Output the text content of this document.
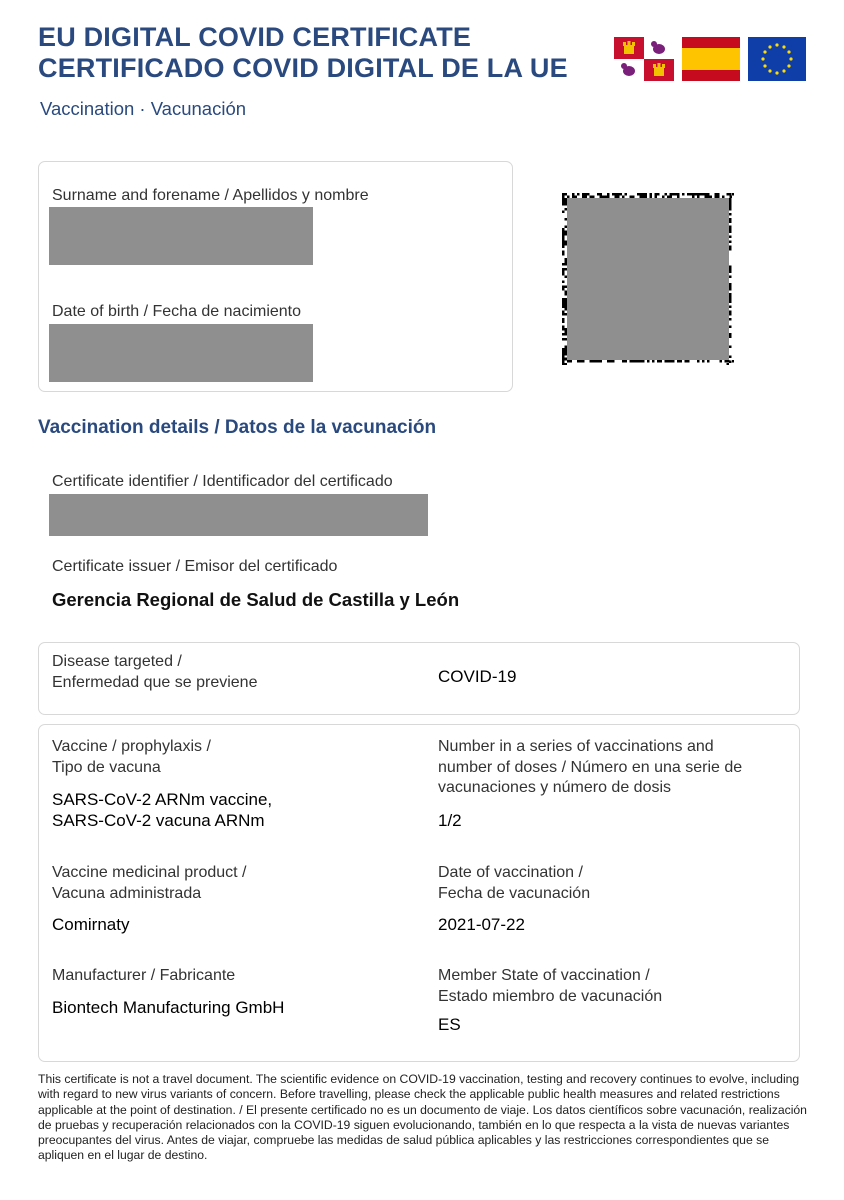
EU DIGITAL COVID CERTIFICATE
CERTIFICADO COVID DIGITAL DE LA UE
Vaccination · Vacunación
Surname and forename / Apellidos y nombre
Date of birth / Fecha de nacimiento
Vaccination details / Datos de la vacunación
Certificate identifier / Identificador del certificado
Certificate issuer / Emisor del certificado
Gerencia Regional de Salud de Castilla y León
Disease targeted /
Enfermedad que se previene	COVID-19
Vaccine / prophylaxis /
Tipo de vacuna
SARS-CoV-2 ARNm vaccine,
SARS-CoV-2 vacuna ARNm
Number in a series of vaccinations and
number of doses / Número en una serie de
vacunaciones y número de dosis
1/2
Vaccine medicinal product /
Vacuna administrada
Comirnaty
Date of vaccination /
Fecha de vacunación
2021-07-22
Manufacturer / Fabricante
Biontech Manufacturing GmbH
Member State of vaccination /
Estado miembro de vacunación
ES
This certificate is not a travel document. The scientific evidence on COVID-19 vaccination, testing and recovery continues to evolve, including with regard to new virus variants of concern. Before travelling, please check the applicable public health measures and related restrictions applicable at the point of destination. / El presente certificado no es un documento de viaje. Los datos científicos sobre vacunación, realización de pruebas y recuperación relacionados con la COVID-19 siguen evolucionando, también en lo que respecta a la vista de nuevas variantes preocupantes del virus. Antes de viajar, compruebe las medidas de salud pública aplicables y las restricciones correspondientes que se apliquen en el lugar de destino.
